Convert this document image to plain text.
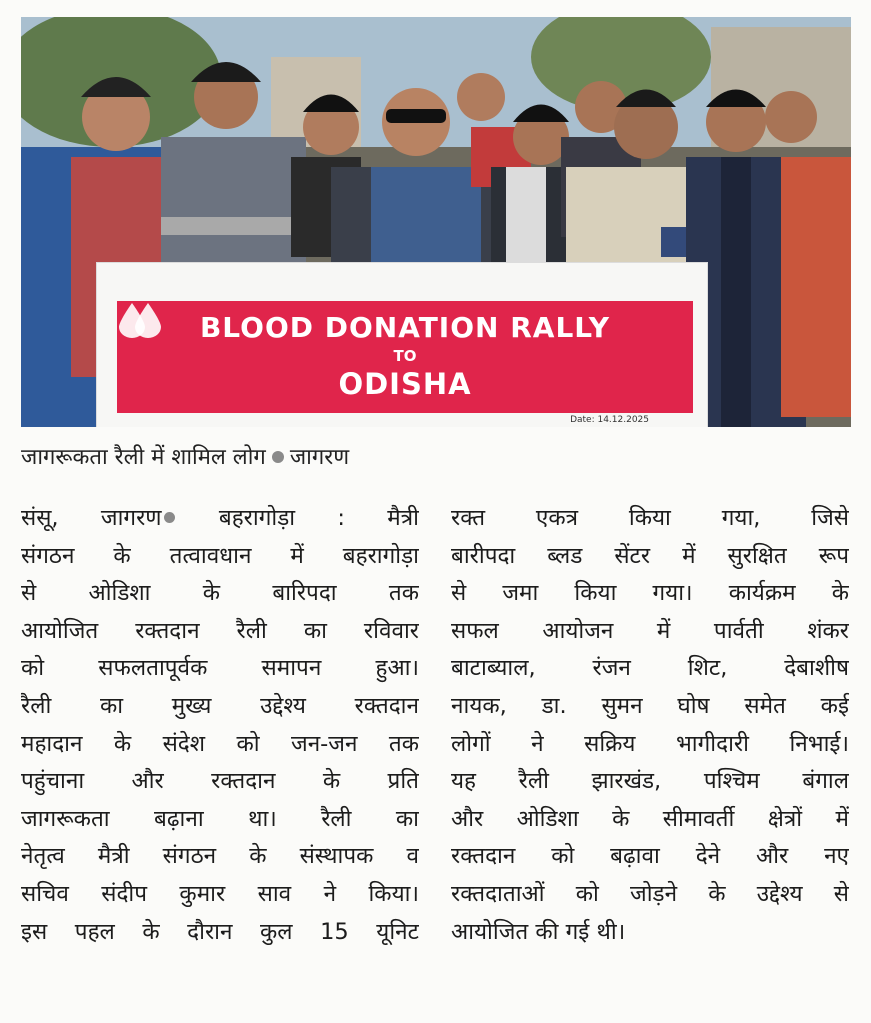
BLOOD DONATION RALLY
TO
ODISHA
Date: 14.12.2025
जागरूकता रैली में शामिल लोग जागरण
संसू, जागरण बहरागोड़ा : मैत्री
संगठन के तत्वावधान में बहरागोड़ा
से ओडिशा के बारिपदा तक
आयोजित रक्तदान रैली का रविवार
को सफलतापूर्वक समापन हुआ।
रैली का मुख्य उद्देश्य रक्तदान
महादान के संदेश को जन-जन तक
पहुंचाना और रक्तदान के प्रति
जागरूकता बढ़ाना था। रैली का
नेतृत्व मैत्री संगठन के संस्थापक व
सचिव संदीप कुमार साव ने किया।
इस पहल के दौरान कुल 15 यूनिट
रक्त एकत्र किया गया, जिसे
बारीपदा ब्लड सेंटर में सुरक्षित रूप
से जमा किया गया। कार्यक्रम के
सफल आयोजन में पार्वती शंकर
बाटाब्याल, रंजन शिट, देबाशीष
नायक, डा. सुमन घोष समेत कई
लोगों ने सक्रिय भागीदारी निभाई।
यह रैली झारखंड, पश्चिम बंगाल
और ओडिशा के सीमावर्ती क्षेत्रों में
रक्तदान को बढ़ावा देने और नए
रक्तदाताओं को जोड़ने के उद्देश्य से
आयोजित की गई थी।
